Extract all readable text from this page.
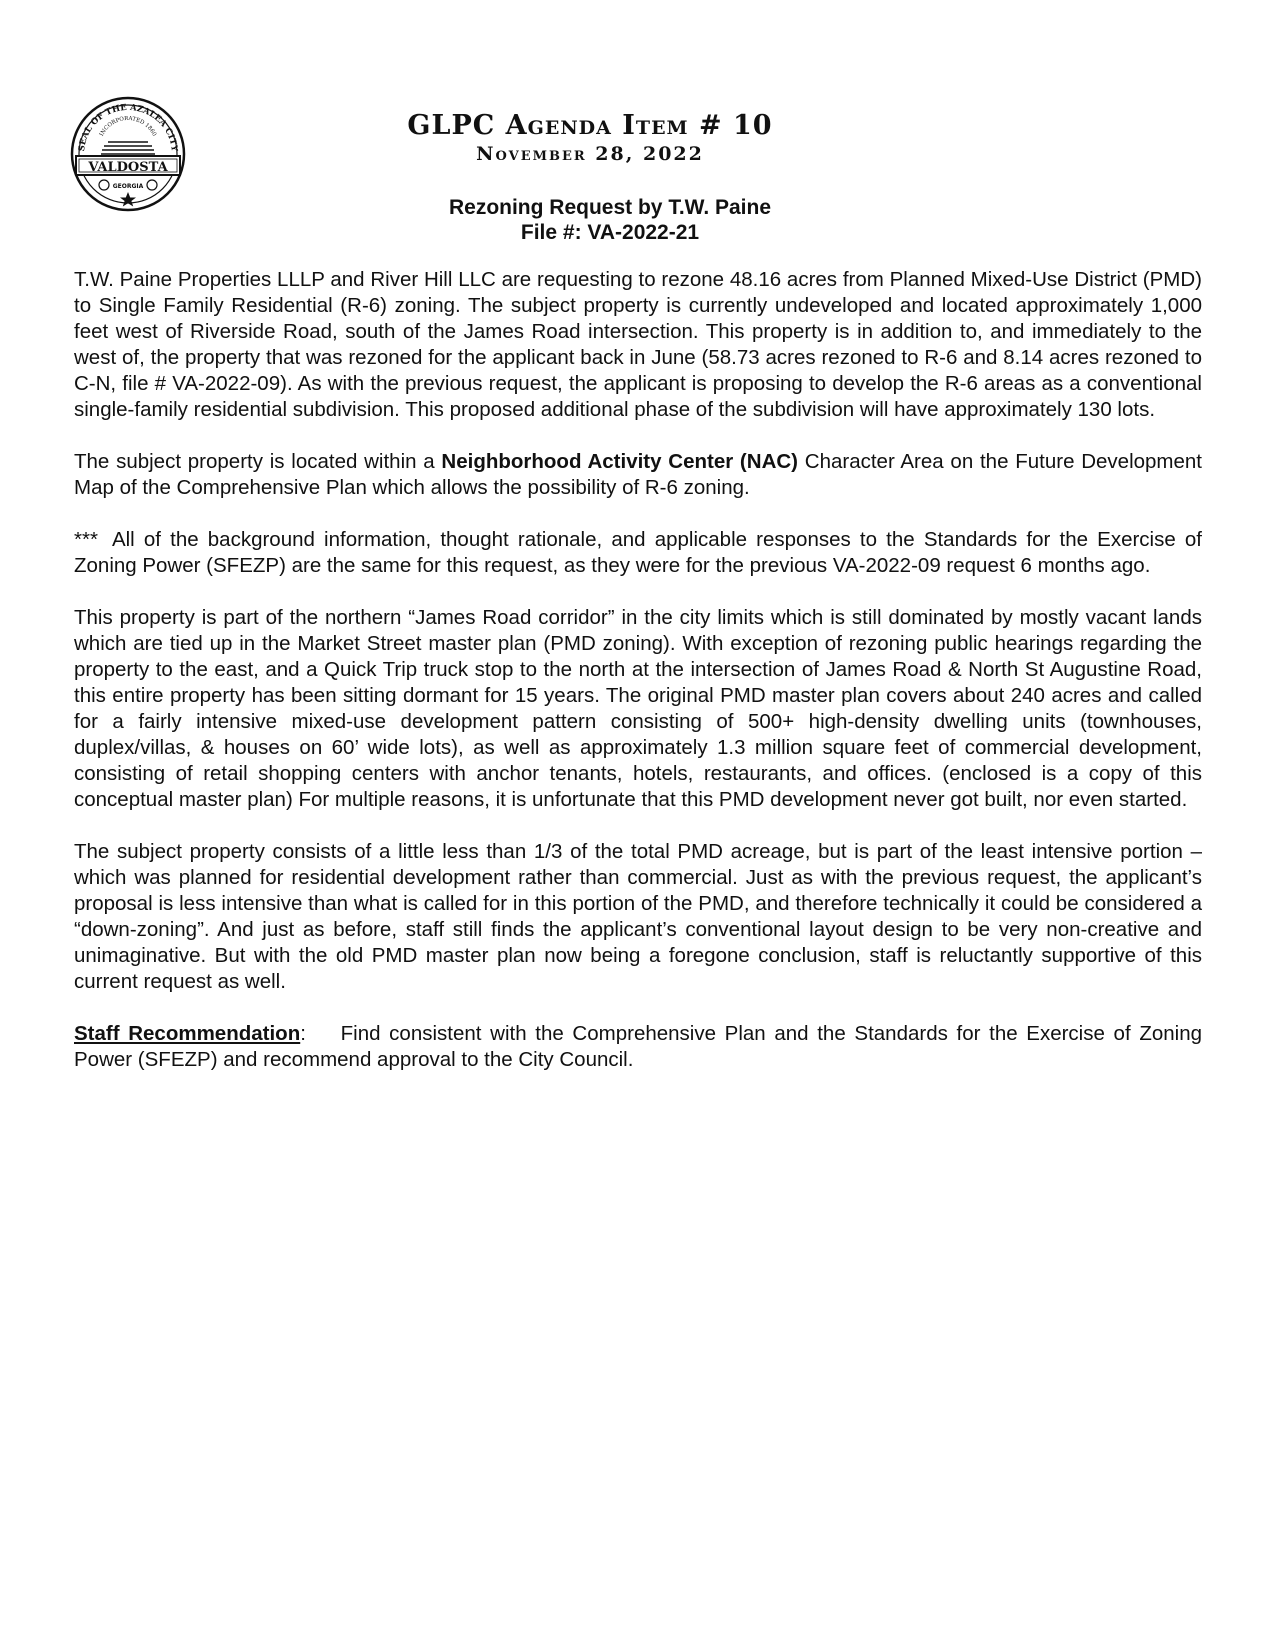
SEAL OF THE AZALEA CITY
INCORPORATED 1860
VALDOSTA
GEORGIA
GLPC Agenda Item # 10
November 28, 2022
Rezoning Request by T.W. Paine
File #: VA-2022-21

T.W. Paine Properties LLLP and River Hill LLC are requesting to rezone 48.16 acres from Planned Mixed-Use District (PMD) to Single Family Residential (R-6) zoning. The subject property is currently undeveloped and located approximately 1,000 feet west of Riverside Road, south of the James Road intersection. This property is in addition to, and immediately to the west of, the property that was rezoned for the applicant back in June (58.73 acres rezoned to R-6 and 8.14 acres rezoned to C-N, file # VA-2022-09). As with the previous request, the applicant is proposing to develop the R-6 areas as a conventional single-family residential subdivision. This proposed additional phase of the subdivision will have approximately 130 lots.

The subject property is located within a Neighborhood Activity Center (NAC) Character Area on the Future Development Map of the Comprehensive Plan which allows the possibility of R-6 zoning.

*** All of the background information, thought rationale, and applicable responses to the Standards for the Exercise of Zoning Power (SFEZP) are the same for this request, as they were for the previous VA-2022-09 request 6 months ago.

This property is part of the northern “James Road corridor” in the city limits which is still dominated by mostly vacant lands which are tied up in the Market Street master plan (PMD zoning). With exception of rezoning public hearings regarding the property to the east, and a Quick Trip truck stop to the north at the intersection of James Road & North St Augustine Road, this entire property has been sitting dormant for 15 years. The original PMD master plan covers about 240 acres and called for a fairly intensive mixed-use development pattern consisting of 500+ high-density dwelling units (townhouses, duplex/villas, & houses on 60’ wide lots), as well as approximately 1.3 million square feet of commercial development, consisting of retail shopping centers with anchor tenants, hotels, restaurants, and offices. (enclosed is a copy of this conceptual master plan) For multiple reasons, it is unfortunate that this PMD development never got built, nor even started.

The subject property consists of a little less than 1/3 of the total PMD acreage, but is part of the least intensive portion – which was planned for residential development rather than commercial. Just as with the previous request, the applicant’s proposal is less intensive than what is called for in this portion of the PMD, and therefore technically it could be considered a “down-zoning”. And just as before, staff still finds the applicant’s conventional layout design to be very non-creative and unimaginative. But with the old PMD master plan now being a foregone conclusion, staff is reluctantly supportive of this current request as well.

Staff Recommendation: Find consistent with the Comprehensive Plan and the Standards for the Exercise of Zoning Power (SFEZP) and recommend approval to the City Council.
